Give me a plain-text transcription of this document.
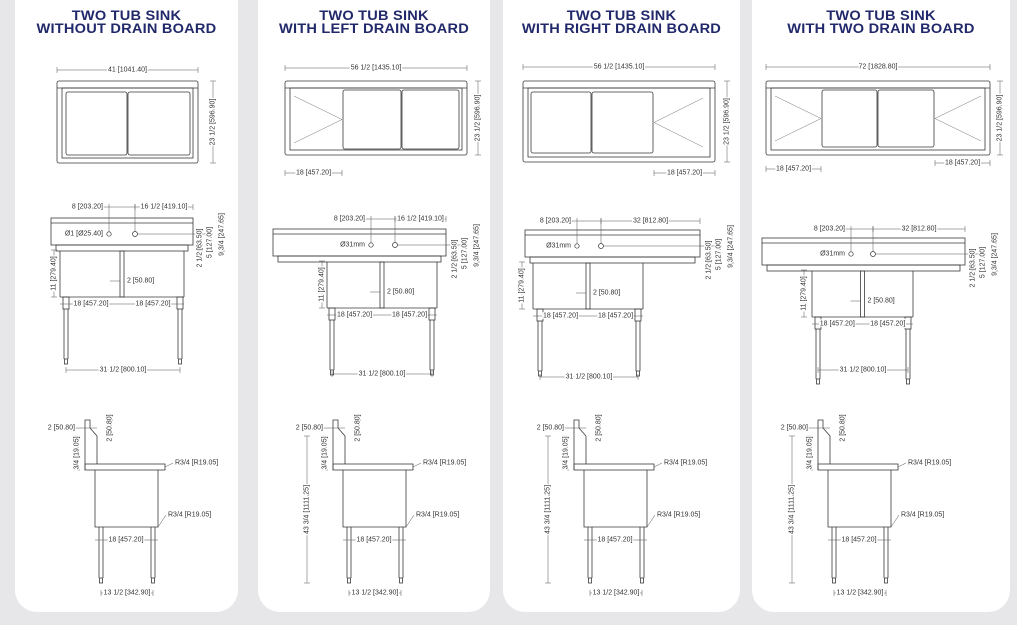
TWO TUB SINK
WITHOUT DRAIN BOARD
TWO TUB SINK
WITH LEFT DRAIN BOARD
TWO TUB SINK
WITH RIGHT DRAIN BOARD
TWO TUB SINK
WITH TWO DRAIN BOARD
41 [1041.40]
23 1/2 [596.90]
56 1/2 [1435.10]
23 1/2 [596.90]
18 [457.20]
56 1/2 [1435.10]
23 1/2 [596.90]
18 [457.20]
72 [1828.80]
23 1/2 [596.90]
18 [457.20]
18 [457.20]
Ø1 [Ø25.40]
8 [203.20]	16 1/2 [419.10]
2 [50.80]
18 [457.20]	18 [457.20]
11 [279.40]
2 1/2 [63.50] 5 [127.00] 9 3/4 [247.65]
31 1/2 [800.10]
Ø31mm
8 [203.20]	16 1/2 [419.10]
2 [50.80]
18 [457.20]	18 [457.20]
11 [279.40]
2 1/2 [63.50] 5 [127.00] 9 3/4 [247.65]
31 1/2 [800.10]
Ø31mm
8 [203.20]	32 [812.80]
2 [50.80]
18 [457.20]	18 [457.20]
11 [279.40]
2 1/2 [63.50] 5 [127.00] 9 3/4 [247.65]
31 1/2 [800.10]
Ø31mm
8 [203.20]	32 [812.80]
2 [50.80]
18 [457.20] 18 [457.20]
11 [279.40]
2 1/2 [63.50] 5 [127.00] 9 3/4 [247.65]
31 1/2 [800.10]
2 [50.80]	2 [50.80]
3/4 [19.05]	R3/4 [R19.05]
R3/4 [R19.05]
18 [457.20]
13 1/2 [342.90]
2 [50.80]	2 [50.80]
3/4 [19.05]	R3/4 [R19.05]
R3/4 [R19.05]
18 [457.20]
13 1/2 [342.90]
43 3/4 [1111.25]
2 [50.80]	2 [50.80]
3/4 [19.05]	R3/4 [R19.05]
R3/4 [R19.05]
18 [457.20]
13 1/2 [342.90]
43 3/4 [1111.25]
2 [50.80]	2 [50.80]
3/4 [19.05]	R3/4 [R19.05]
R3/4 [R19.05]
18 [457.20]
13 1/2 [342.90]
43 3/4 [1111.25]
